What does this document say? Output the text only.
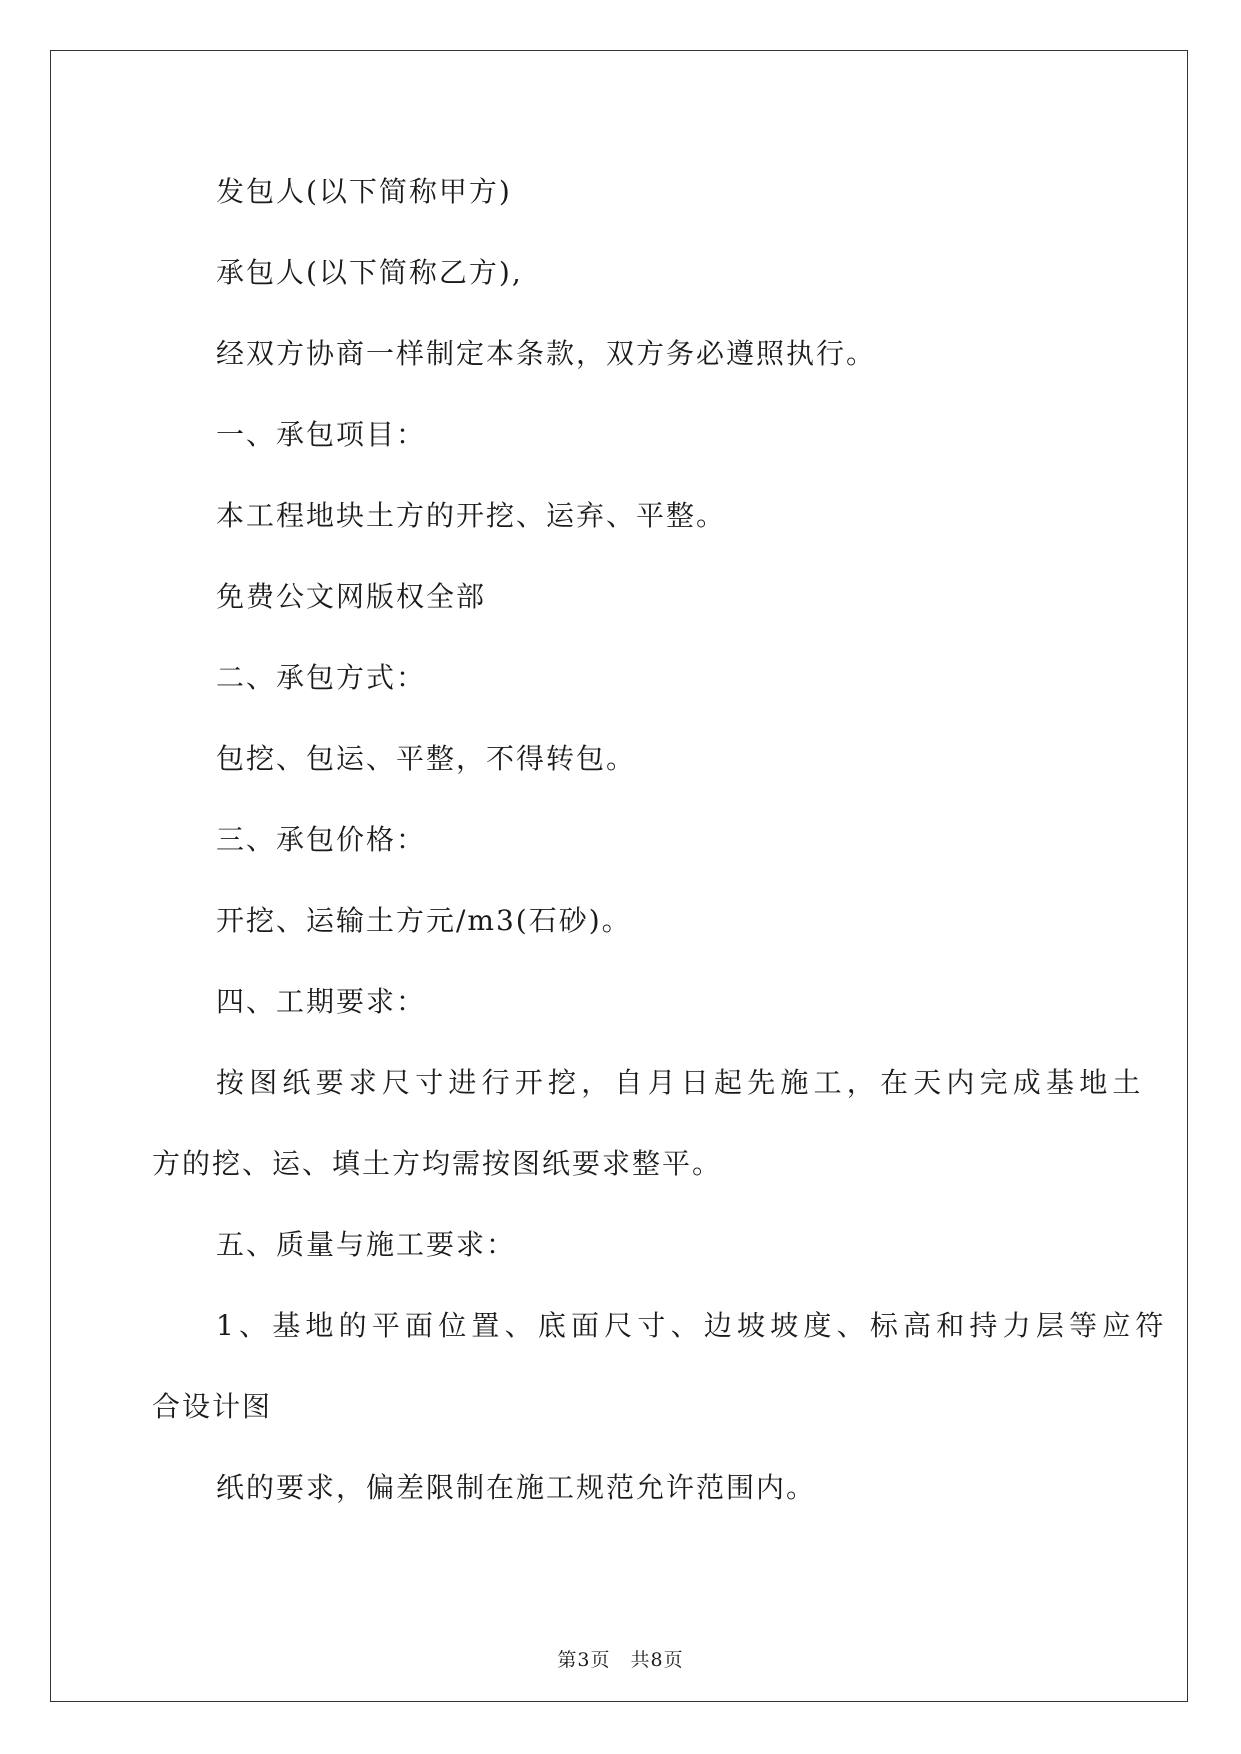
发包人(以下简称甲方)
承包人(以下简称乙方),
经双方协商一样制定本条款，双方务必遵照执行。
一、承包项目：
本工程地块土方的开挖、运弃、平整。
免费公文网版权全部
二、承包方式：
包挖、包运、平整，不得转包。
三、承包价格：
开挖、运输土方元/m3(石砂)。
四、工期要求：
按图纸要求尺寸进行开挖，自月日起先施工，在天内完成基地土
方的挖、运、填土方均需按图纸要求整平。
五、质量与施工要求：
1、基地的平面位置、底面尺寸、边坡坡度、标高和持力层等应符
合设计图
纸的要求，偏差限制在施工规范允许范围内。
第3页 共8页
